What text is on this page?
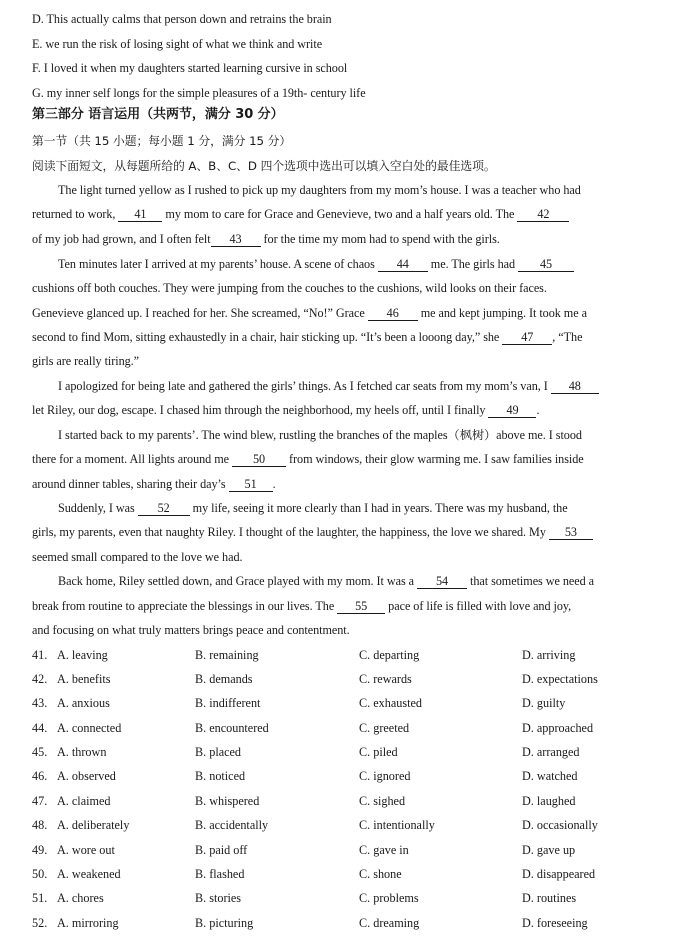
D. This actually calms that person down and retrains the brain
E. we run the risk of losing sight of what we think and write
F. I loved it when my daughters started learning cursive in school
G. my inner self longs for the simple pleasures of a 19th- century life
第三部分 语言运用（共两节，满分 30 分）
第一节（共 15 小题；每小题 1 分，满分 15 分）
阅读下面短文，从每题所给的 A、B、C、D 四个选项中选出可以填入空白处的最佳选项。
The light turned yellow as I rushed to pick up my daughters from my mom’s house. I was a teacher who had
returned to work, 41 my mom to care for Grace and Genevieve, two and a half years old. The 42
of my job had grown, and I often felt 43 for the time my mom had to spend with the girls.
Ten minutes later I arrived at my parents’ house. A scene of chaos 44 me. The girls had 45
cushions off both couches. They were jumping from the couches to the cushions, wild looks on their faces.
Genevieve glanced up. I reached for her. She screamed, “No!” Grace 46 me and kept jumping. It took me a
second to find Mom, sitting exhaustedly in a chair, hair sticking up. “It’s been a looong day,” she 47 , “The
girls are really tiring.”
I apologized for being late and gathered the girls’ things. As I fetched car seats from my mom’s van, I 48
let Riley, our dog, escape. I chased him through the neighborhood, my heels off, until I finally 49 .
I started back to my parents’. The wind blew, rustling the branches of the maples（枫树）above me. I stood
there for a moment. All lights around me 50 from windows, their glow warming me. I saw families inside
around dinner tables, sharing their day’s 51 .
Suddenly, I was 52 my life, seeing it more clearly than I had in years. There was my husband, the
girls, my parents, even that naughty Riley. I thought of the laughter, the happiness, the love we shared. My 53
seemed small compared to the love we had.
Back home, Riley settled down, and Grace played with my mom. It was a 54 that sometimes we need a
break from routine to appreciate the blessings in our lives. The 55 pace of life is filled with love and joy,
and focusing on what truly matters brings peace and contentment.
41. A. leaving	B. remaining	C. departing	D. arriving
42. A. benefits	B. demands	C. rewards	D. expectations
43. A. anxious	B. indifferent	C. exhausted	D. guilty
44. A. connected	B. encountered	C. greeted	D. approached
45. A. thrown	B. placed	C. piled	D. arranged
46. A. observed	B. noticed	C. ignored	D. watched
47. A. claimed	B. whispered	C. sighed	D. laughed
48. A. deliberately	B. accidentally	C. intentionally	D. occasionally
49. A. wore out	B. paid off	C. gave in	D. gave up
50. A. weakened	B. flashed	C. shone	D. disappeared
51. A. chores	B. stories	C. problems	D. routines
52. A. mirroring	B. picturing	C. dreaming	D. foreseeing
